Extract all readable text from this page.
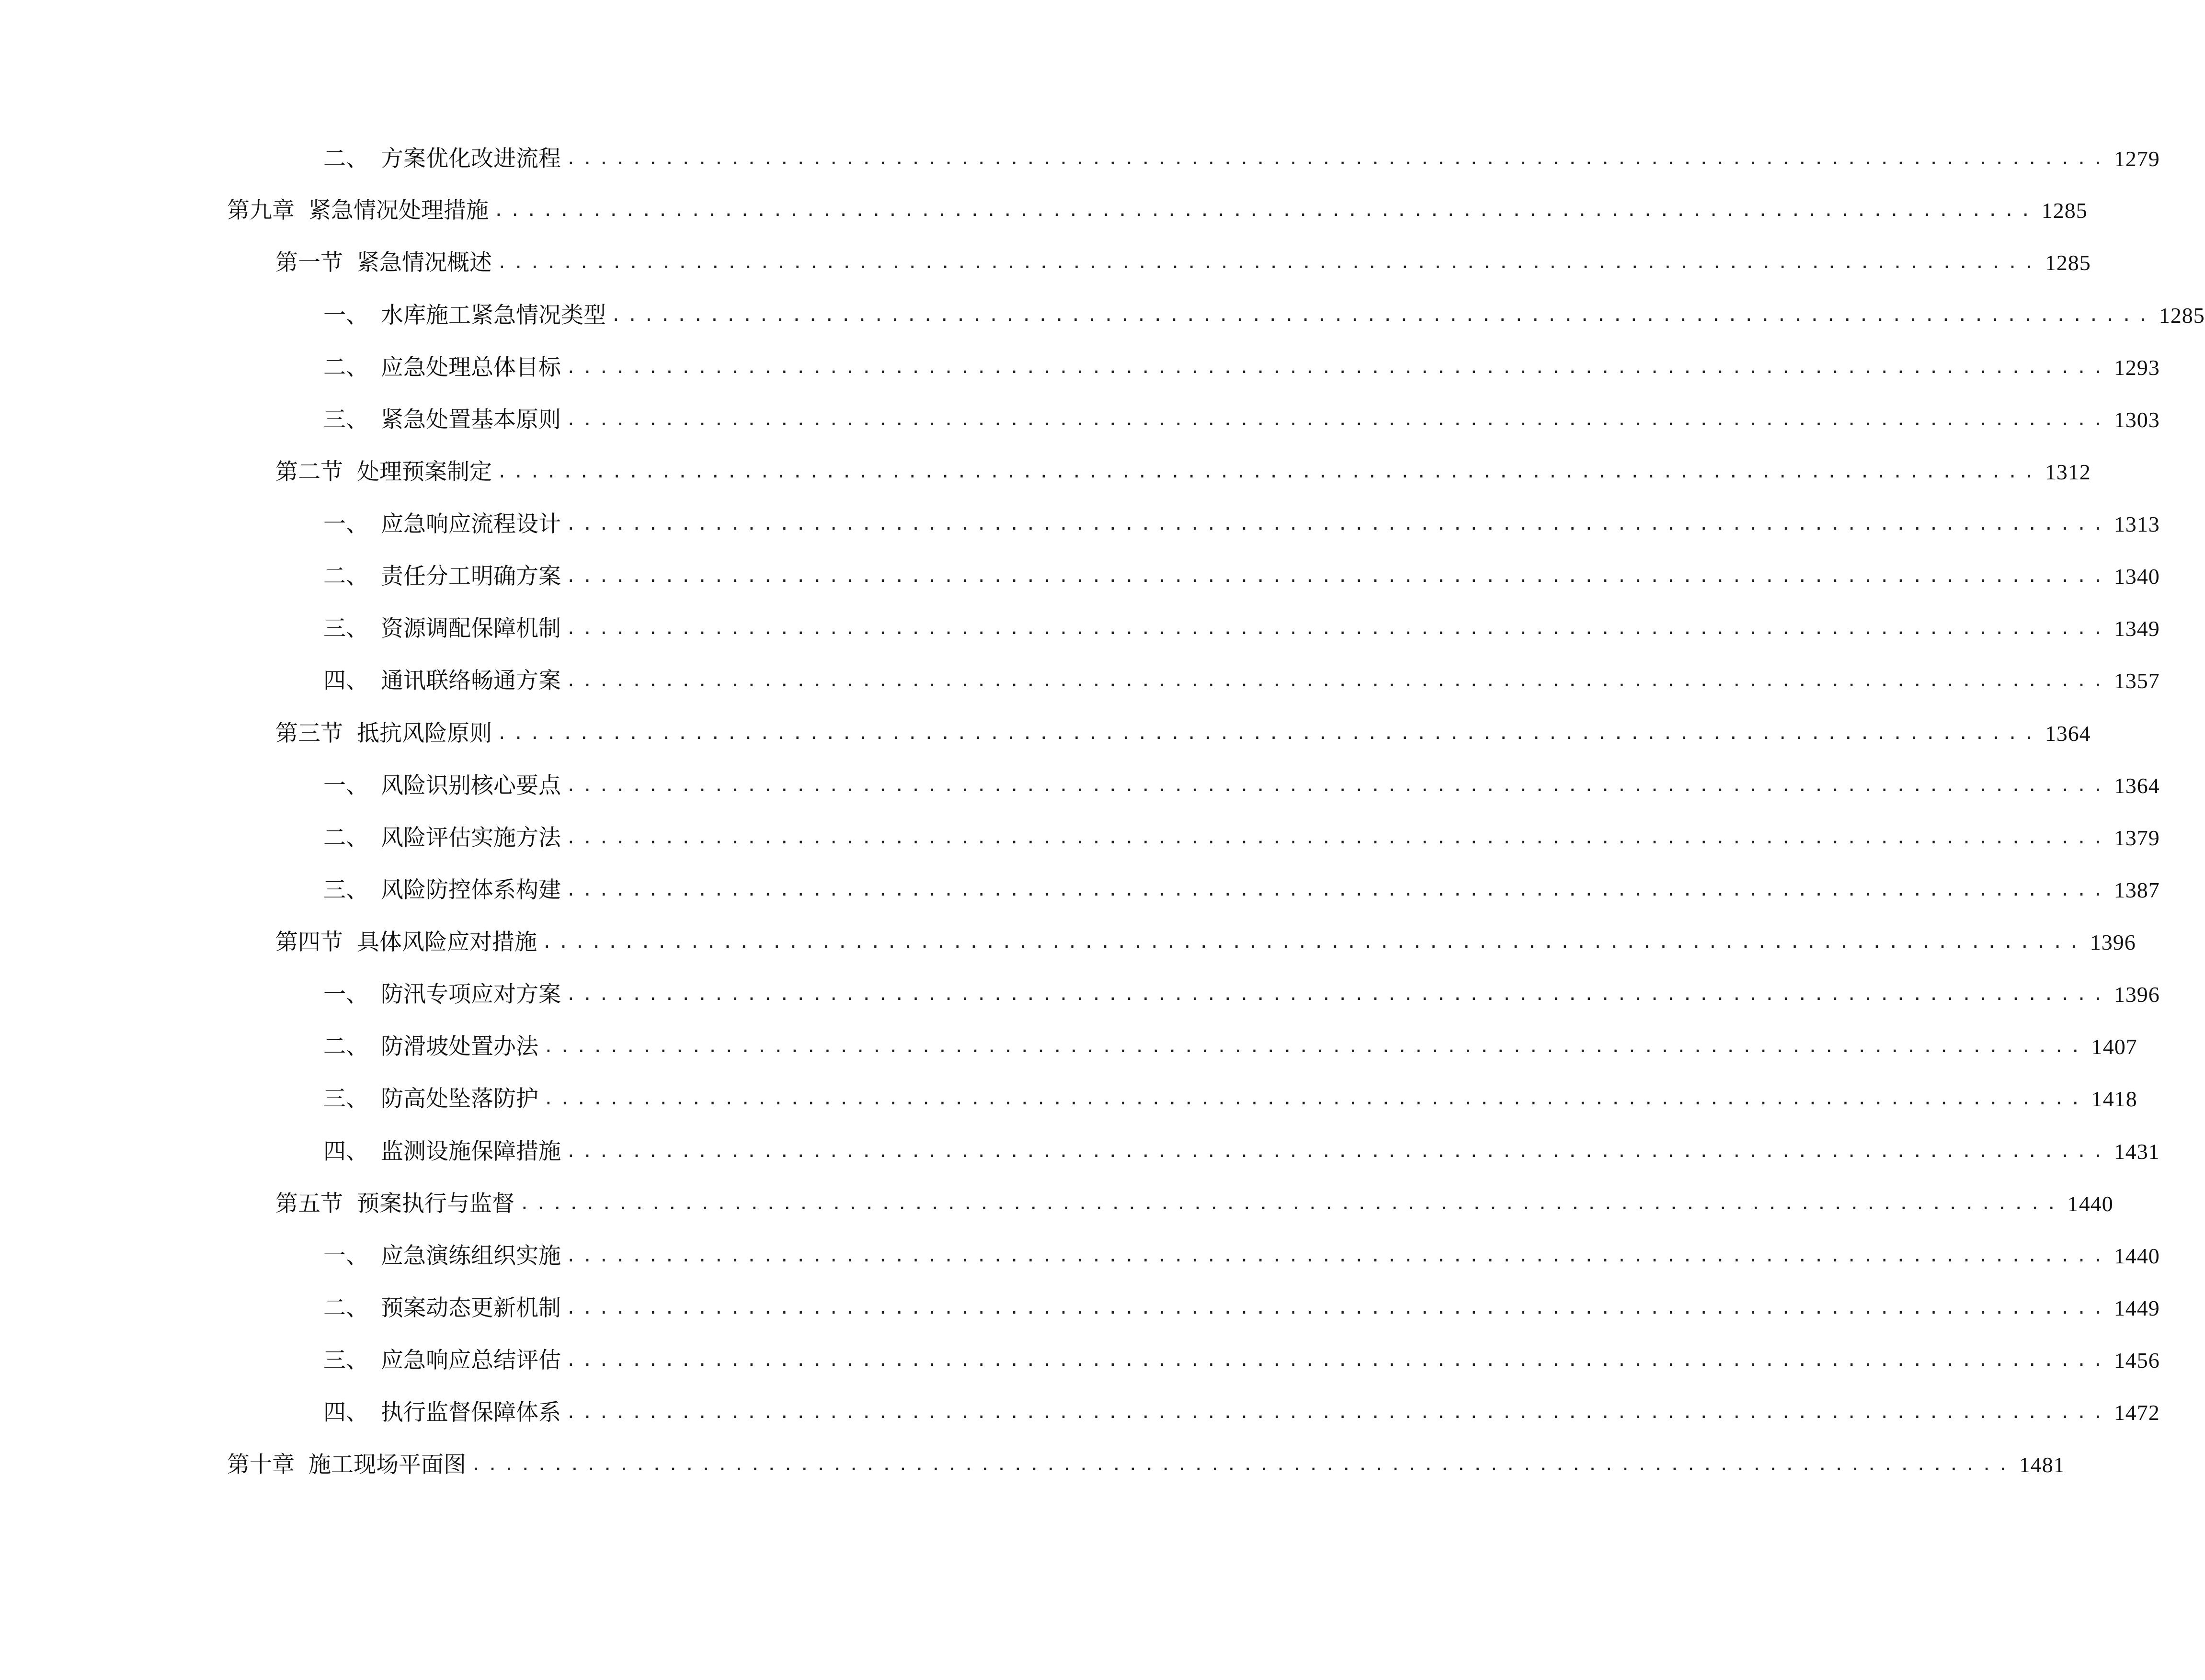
二、 方案优化改进流程 .............................................................................................. 1279
第九章 紧急情况处理措施 .............................................................................................. 1285
第一节 紧急情况概述 .............................................................................................. 1285
一、 水库施工紧急情况类型 .............................................................................................. 1285
二、 应急处理总体目标 .............................................................................................. 1293
三、 紧急处置基本原则 .............................................................................................. 1303
第二节 处理预案制定 .............................................................................................. 1312
一、 应急响应流程设计 .............................................................................................. 1313
二、 责任分工明确方案 .............................................................................................. 1340
三、 资源调配保障机制 .............................................................................................. 1349
四、 通讯联络畅通方案 .............................................................................................. 1357
第三节 抵抗风险原则 .............................................................................................. 1364
一、 风险识别核心要点 .............................................................................................. 1364
二、 风险评估实施方法 .............................................................................................. 1379
三、 风险防控体系构建 .............................................................................................. 1387
第四节 具体风险应对措施 .............................................................................................. 1396
一、 防汛专项应对方案 .............................................................................................. 1396
二、 防滑坡处置办法 .............................................................................................. 1407
三、 防高处坠落防护 .............................................................................................. 1418
四、 监测设施保障措施 .............................................................................................. 1431
第五节 预案执行与监督 .............................................................................................. 1440
一、 应急演练组织实施 .............................................................................................. 1440
二、 预案动态更新机制 .............................................................................................. 1449
三、 应急响应总结评估 .............................................................................................. 1456
四、 执行监督保障体系 .............................................................................................. 1472
第十章 施工现场平面图 .............................................................................................. 1481
